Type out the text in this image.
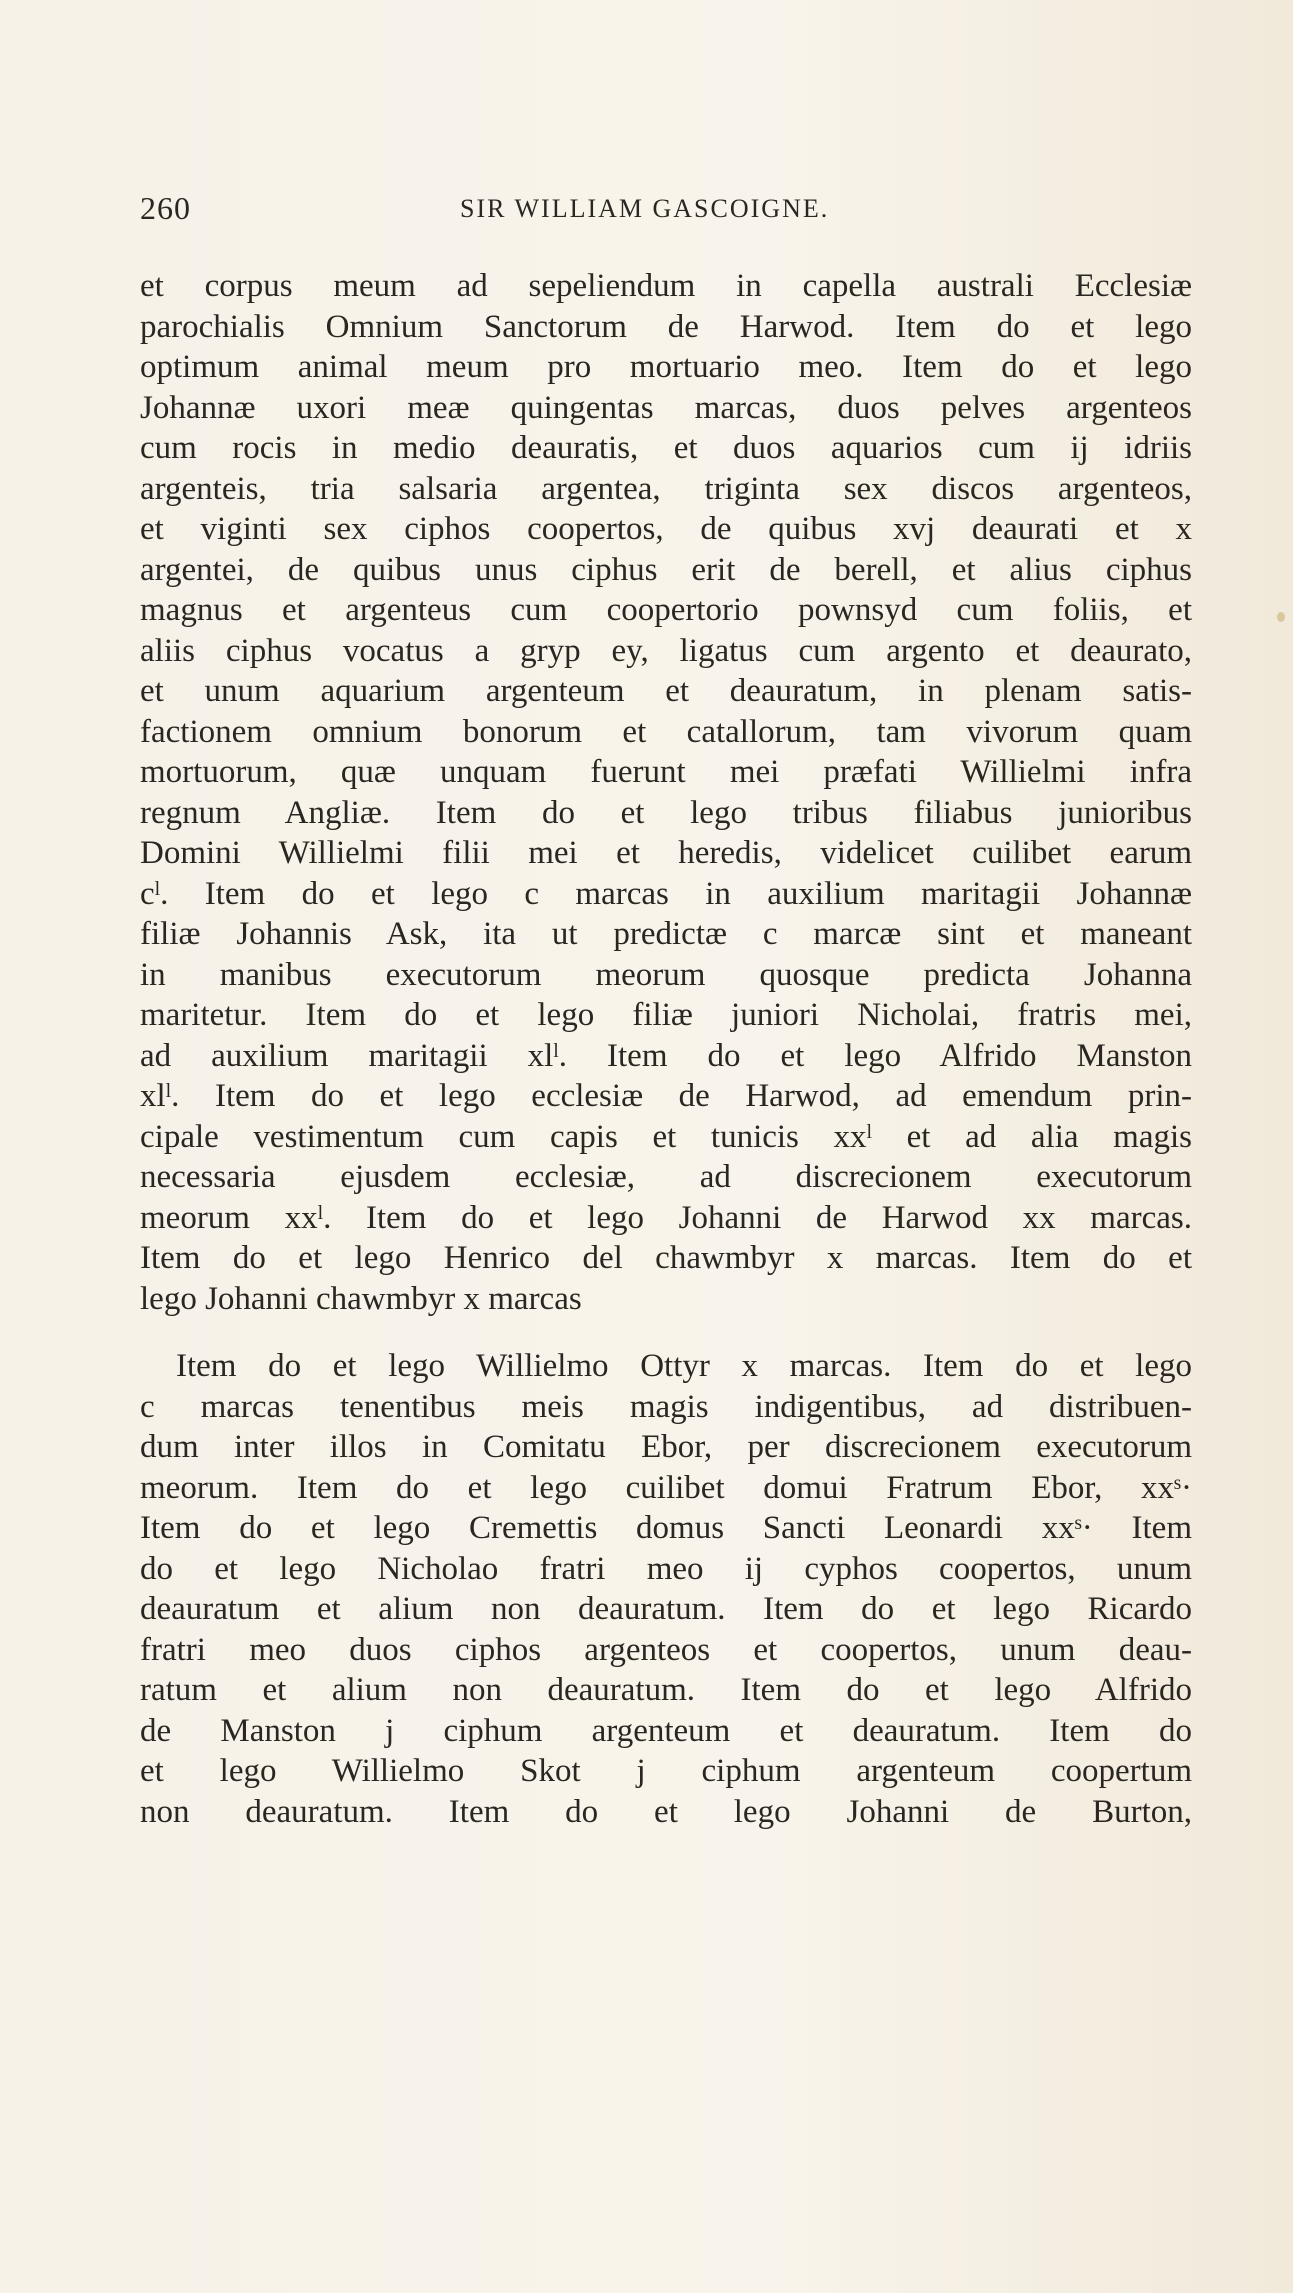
260	SIR WILLIAM GASCOIGNE.
et corpus meum ad sepeliendum in capella australi Ecclesiæ
parochialis Omnium Sanctorum de Harwod. Item do et lego
optimum animal meum pro mortuario meo. Item do et lego
Johannæ uxori meæ quingentas marcas, duos pelves argenteos
cum rocis in medio deauratis, et duos aquarios cum ij idriis
argenteis, tria salsaria argentea, triginta sex discos argenteos,
et viginti sex ciphos coopertos, de quibus xvj deaurati et x
argentei, de quibus unus ciphus erit de berell, et alius ciphus
magnus et argenteus cum coopertorio pownsyd cum foliis, et
aliis ciphus vocatus a gryp ey, ligatus cum argento et deaurato,
et unum aquarium argenteum et deauratum, in plenam satis-
factionem omnium bonorum et catallorum, tam vivorum quam
mortuorum, quæ unquam fuerunt mei præfati Willielmi infra
regnum Angliæ. Item do et lego tribus filiabus junioribus
Domini Willielmi filii mei et heredis, videlicet cuilibet earum
cˡ. Item do et lego c marcas in auxilium maritagii Johannæ
filiæ Johannis Ask, ita ut predictæ c marcæ sint et maneant
in manibus executorum meorum quosque predicta Johanna
maritetur. Item do et lego filiæ juniori Nicholai, fratris mei,
ad auxilium maritagii xlˡ. Item do et lego Alfrido Manston
xlˡ. Item do et lego ecclesiæ de Harwod, ad emendum prin-
cipale vestimentum cum capis et tunicis xxˡ et ad alia magis
necessaria ejusdem ecclesiæ, ad discrecionem executorum
meorum xxˡ. Item do et lego Johanni de Harwod xx marcas.
Item do et lego Henrico del chawmbyr x marcas. Item do et
lego Johanni chawmbyr x marcas
Item do et lego Willielmo Ottyr x marcas. Item do et lego
c marcas tenentibus meis magis indigentibus, ad distribuen-
dum inter illos in Comitatu Ebor, per discrecionem executorum
meorum. Item do et lego cuilibet domui Fratrum Ebor, xxˢ·
Item do et lego Cremettis domus Sancti Leonardi xxˢ· Item
do et lego Nicholao fratri meo ij cyphos coopertos, unum
deauratum et alium non deauratum. Item do et lego Ricardo
fratri meo duos ciphos argenteos et coopertos, unum deau-
ratum et alium non deauratum. Item do et lego Alfrido
de Manston j ciphum argenteum et deauratum. Item do
et lego Willielmo Skot j ciphum argenteum coopertum
non deauratum. Item do et lego Johanni de Burton,
